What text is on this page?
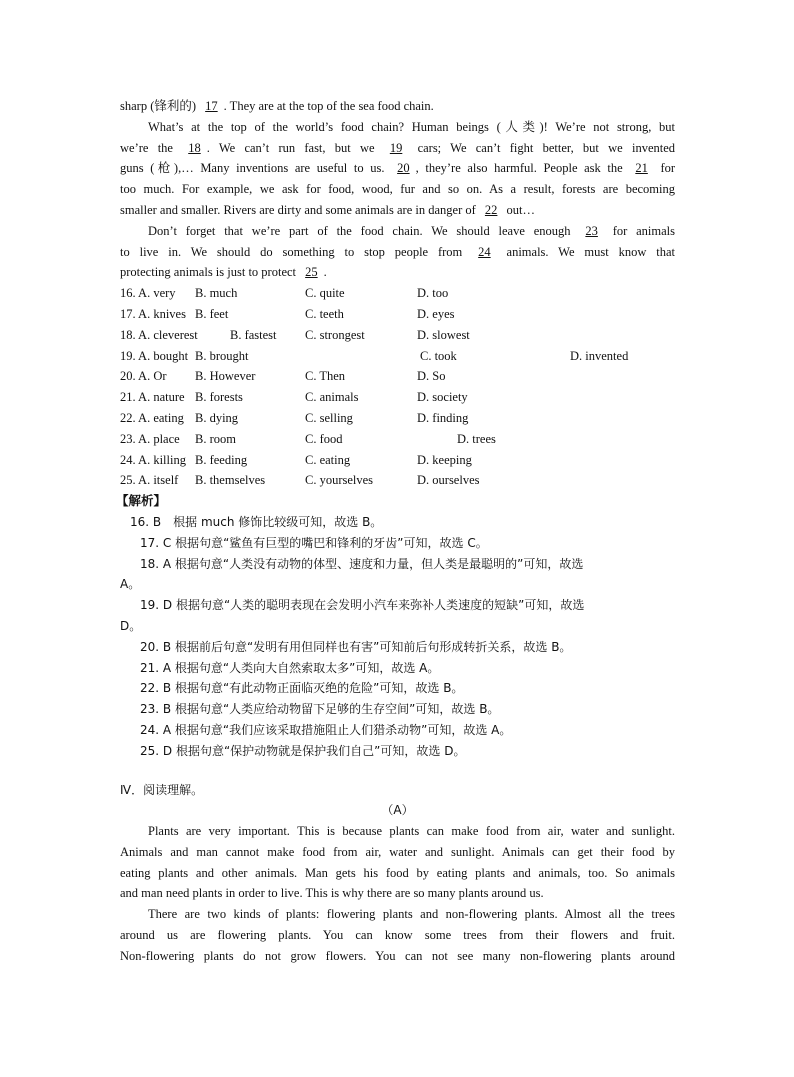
sharp (锋利的) 17 . They are at the top of the sea food chain.
What’s at the top of the world’s food chain? Human beings (人类)! We’re not strong, but
we’re the 18 . We can’t run fast, but we 19 cars; We can’t fight better, but we invented
guns (枪),… Many inventions are useful to us. 20 , they’re also harmful. People ask the 21 for
too much. For example, we ask for food, wood, fur and so on. As a result, forests are becoming
smaller and smaller. Rivers are dirty and some animals are in danger of 22 out…
Don’t forget that we’re part of the food chain. We should leave enough 23 for animals
to live in. We should do something to stop people from 24 animals. We must know that
protecting animals is just to protect 25 .
16. A. very	B. much	C. quite	D. too
17. A. knives B. feet	C. teeth	D. eyes
18. A. cleverest	B. fastest	C. strongest	D. slowest
19. A. bought B. brought	C. took	D. invented
20. A. Or	B. However	C. Then	D. So
21. A. nature B. forests	C. animals	D. society
22. A. eating B. dying	C. selling	D. finding
23. A. place	B. room	C. food	D. trees
24. A. killing B. feeding	C. eating	D. keeping
25. A. itself	B. themselves	C. yourselves	D. ourselves
【解析】
16. B　根据 much 修饰比较级可知，故选 B。
17. C 根据句意“鲨鱼有巨型的嘴巴和锋利的牙齿”可知，故选 C。
18. A 根据句意“人类没有动物的体型、速度和力量，但人类是最聪明的”可知，故选
A。
19. D 根据句意“人类的聪明表现在会发明小汽车来弥补人类速度的短缺”可知，故选
D。
20. B 根据前后句意“发明有用但同样也有害”可知前后句形成转折关系，故选 B。
21. A 根据句意“人类向大自然索取太多”可知，故选 A。
22. B 根据句意“有此动物正面临灭绝的危险”可知，故选 B。
23. B 根据句意“人类应给动物留下足够的生存空间”可知，故选 B。
24. A 根据句意“我们应该采取措施阻止人们猎杀动物”可知，故选 A。
25. D 根据句意“保护动物就是保护我们自己”可知，故选 D。
Ⅳ．阅读理解。
（A）
Plants are very important. This is because plants can make food from air, water and sunlight.
Animals and man cannot make food from air, water and sunlight. Animals can get their food by
eating plants and other animals. Man gets his food by eating plants and animals, too. So animals
and man need plants in order to live. This is why there are so many plants around us.
There are two kinds of plants: flowering plants and non-flowering plants. Almost all the trees
around us are flowering plants. You can know some trees from their flowers and fruit.
Non-flowering plants do not grow flowers. You can not see many non-flowering plants around
